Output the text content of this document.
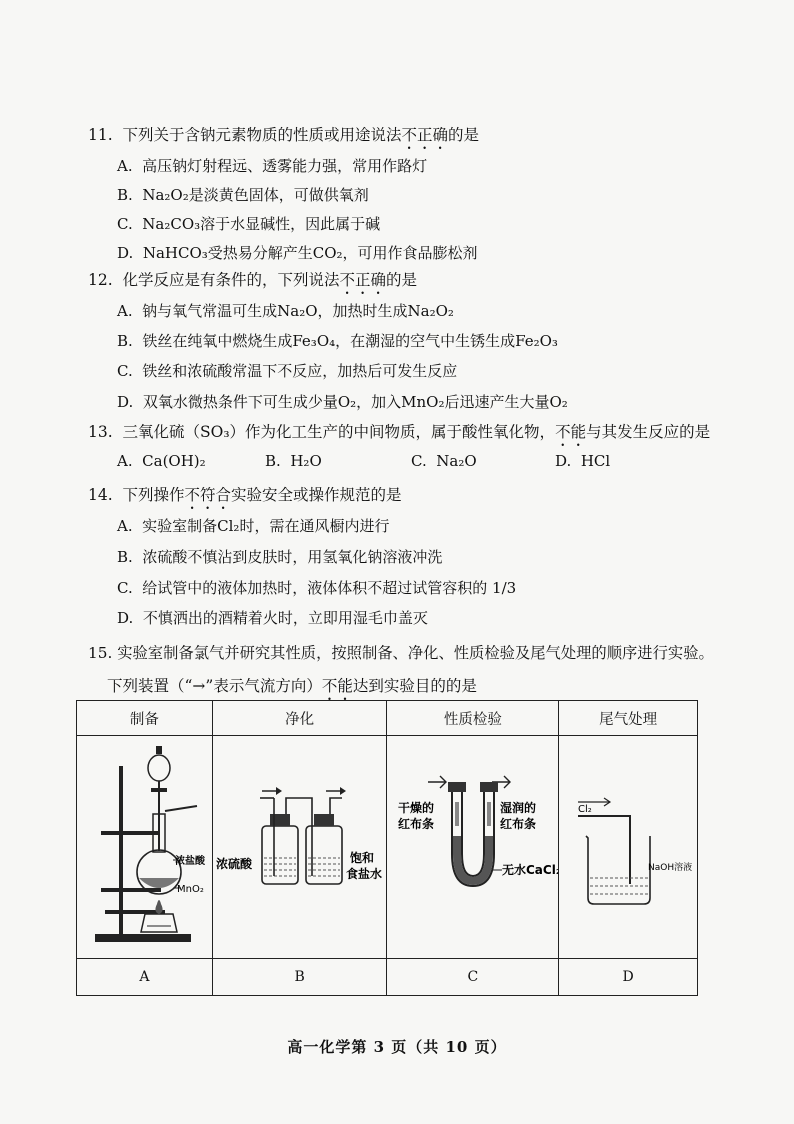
11. 下列关于含钠元素物质的性质或用途说法不正确的是
A. 高压钠灯射程远、透雾能力强，常用作路灯
B. Na₂O₂是淡黄色固体，可做供氧剂
C. Na₂CO₃溶于水显碱性，因此属于碱
D. NaHCO₃受热易分解产生CO₂，可用作食品膨松剂
12. 化学反应是有条件的，下列说法不正确的是
A. 钠与氧气常温可生成Na₂O，加热时生成Na₂O₂
B. 铁丝在纯氧中燃烧生成Fe₃O₄，在潮湿的空气中生锈生成Fe₂O₃
C. 铁丝和浓硫酸常温下不反应，加热后可发生反应
D. 双氧水微热条件下可生成少量O₂，加入MnO₂后迅速产生大量O₂
13. 三氧化硫（SO₃）作为化工生产的中间物质，属于酸性氧化物，不能与其发生反应的是
A. Ca(OH)₂	B. H₂O	C. Na₂O	D. HCl
14. 下列操作不符合实验安全或操作规范的是
A. 实验室制备Cl₂时，需在通风橱内进行
B. 浓硫酸不慎沾到皮肤时，用氢氧化钠溶液冲洗
C. 给试管中的液体加热时，液体体积不超过试管容积的 1/3
D. 不慎洒出的酒精着火时，立即用湿毛巾盖灭
15. 实验室制备氯气并研究其性质，按照制备、净化、性质检验及尾气处理的顺序进行实验。
下列装置（“→”表示气流方向）不能达到实验目的的是
制备	净化	性质检验	尾气处理

浓盐酸
MnO₂	浓硫酸 饱和
食盐水	干燥的
红布条
湿润的
红布条
无水CaCl₂	Cl₂
NaOH溶液

A	B	C	D
高一化学第 3 页（共 10 页）
